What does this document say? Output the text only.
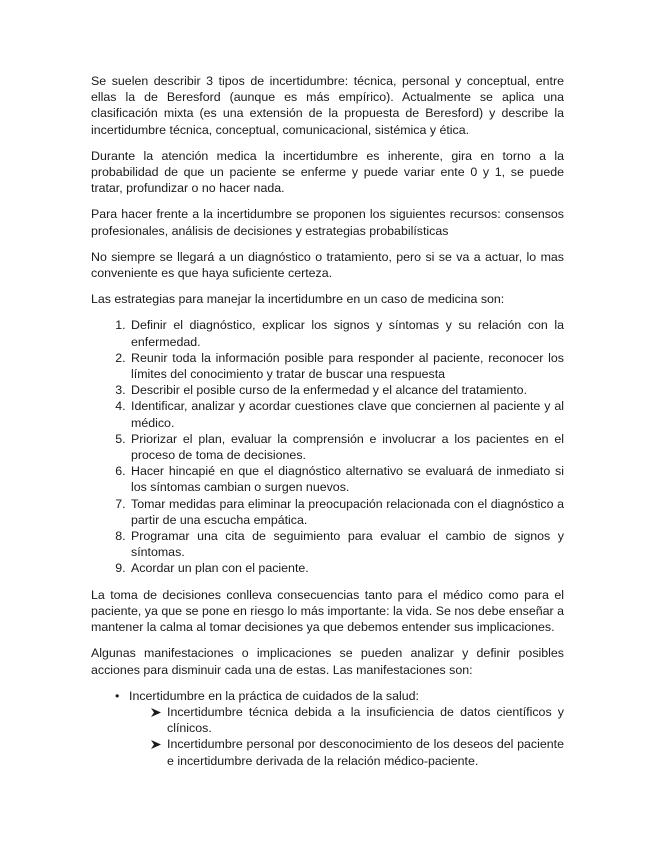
Se suelen describir 3 tipos de incertidumbre: técnica, personal y conceptual, entre ellas la de Beresford (aunque es más empírico). Actualmente se aplica una clasificación mixta (es una extensión de la propuesta de Beresford) y describe la incertidumbre técnica, conceptual, comunicacional, sistémica y ética.

Durante la atención medica la incertidumbre es inherente, gira en torno a la probabilidad de que un paciente se enferme y puede variar ente 0 y 1, se puede tratar, profundizar o no hacer nada.

Para hacer frente a la incertidumbre se proponen los siguientes recursos: consensos profesionales, análisis de decisiones y estrategias probabilísticas

No siempre se llegará a un diagnóstico o tratamiento, pero si se va a actuar, lo mas conveniente es que haya suficiente certeza.

Las estrategias para manejar la incertidumbre en un caso de medicina son:

1. Definir el diagnóstico, explicar los signos y síntomas y su relación con la enfermedad.
2. Reunir toda la información posible para responder al paciente, reconocer los límites del conocimiento y tratar de buscar una respuesta
3. Describir el posible curso de la enfermedad y el alcance del tratamiento.
4. Identificar, analizar y acordar cuestiones clave que conciernen al paciente y al médico.
5. Priorizar el plan, evaluar la comprensión e involucrar a los pacientes en el proceso de toma de decisiones.
6. Hacer hincapié en que el diagnóstico alternativo se evaluará de inmediato si los síntomas cambian o surgen nuevos.
7. Tomar medidas para eliminar la preocupación relacionada con el diagnóstico a partir de una escucha empática.
8. Programar una cita de seguimiento para evaluar el cambio de signos y síntomas.
9. Acordar un plan con el paciente.

La toma de decisiones conlleva consecuencias tanto para el médico como para el paciente, ya que se pone en riesgo lo más importante: la vida. Se nos debe enseñar a mantener la calma al tomar decisiones ya que debemos entender sus implicaciones.

Algunas manifestaciones o implicaciones se pueden analizar y definir posibles acciones para disminuir cada una de estas. Las manifestaciones son:

• Incertidumbre en la práctica de cuidados de la salud:
Incertidumbre técnica debida a la insuficiencia de datos científicos y clínicos.
Incertidumbre personal por desconocimiento de los deseos del paciente e incertidumbre derivada de la relación médico-paciente.
